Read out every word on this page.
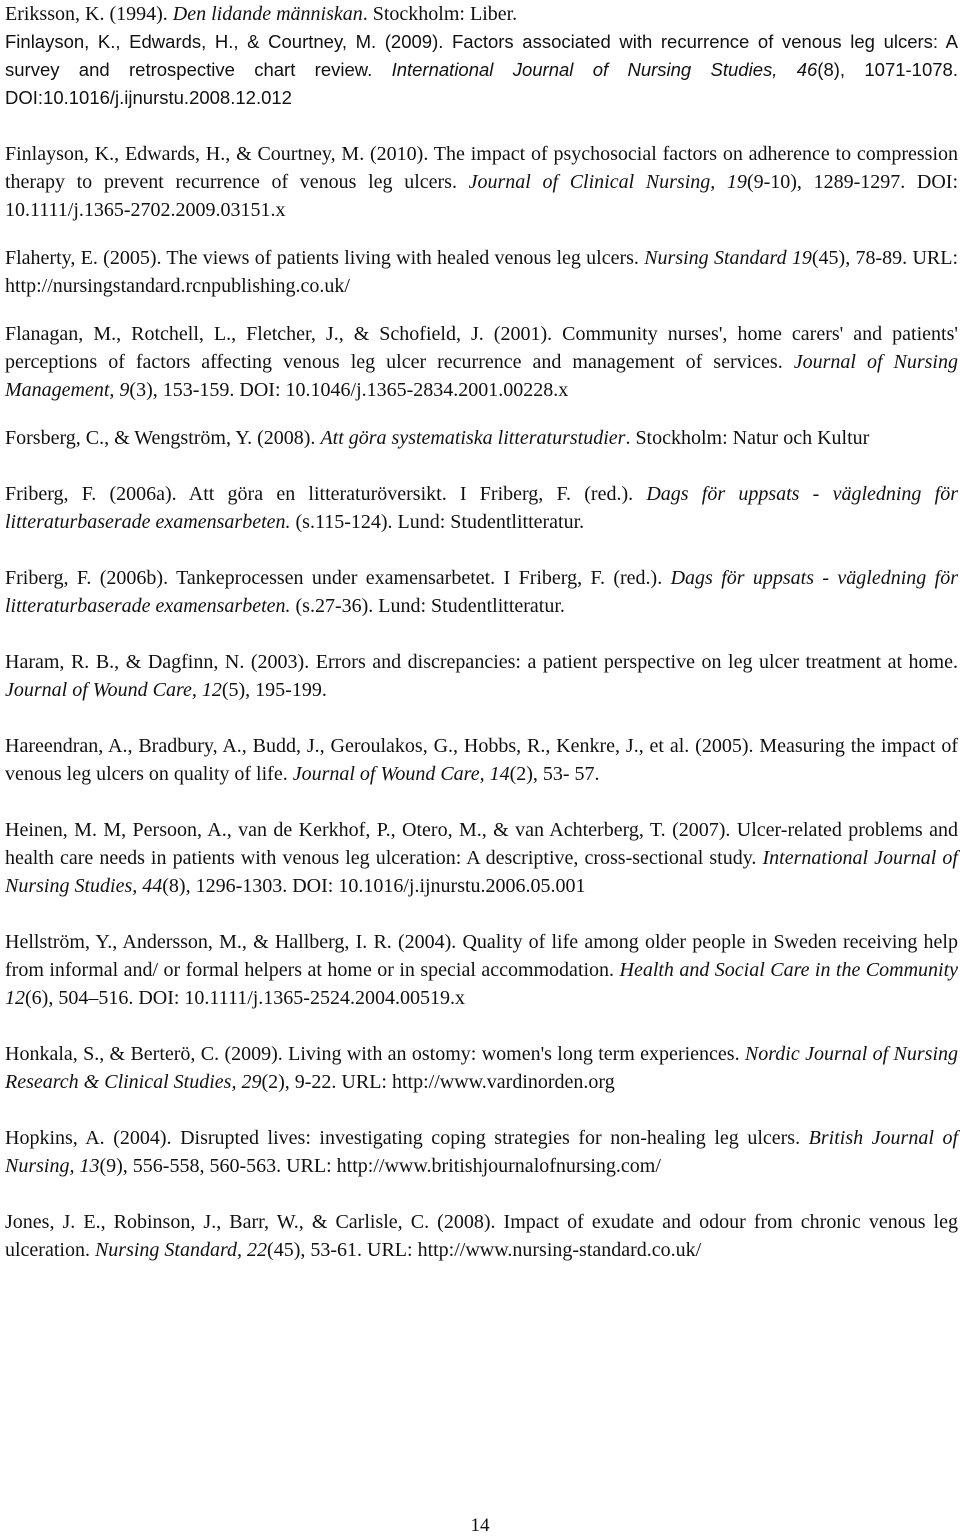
Eriksson, K. (1994). Den lidande människan. Stockholm: Liber.

Finlayson, K., Edwards, H., & Courtney, M. (2009). Factors associated with recurrence of venous leg ulcers: A survey and retrospective chart review. International Journal of Nursing Studies, 46(8), 1071-1078. DOI:10.1016/j.ijnurstu.2008.12.012

Finlayson, K., Edwards, H., & Courtney, M. (2010). The impact of psychosocial factors on adherence to compression therapy to prevent recurrence of venous leg ulcers. Journal of Clinical Nursing, 19(9-10), 1289-1297. DOI: 10.1111/j.1365-2702.2009.03151.x

Flaherty, E. (2005). The views of patients living with healed venous leg ulcers. Nursing Standard 19(45), 78-89. URL: http://nursingstandard.rcnpublishing.co.uk/

Flanagan, M., Rotchell, L., Fletcher, J., & Schofield, J. (2001). Community nurses', home carers' and patients' perceptions of factors affecting venous leg ulcer recurrence and management of services. Journal of Nursing Management, 9(3), 153-159. DOI: 10.1046/j.1365-2834.2001.00228.x

Forsberg, C., & Wengström, Y. (2008). Att göra systematiska litteraturstudier. Stockholm: Natur och Kultur

Friberg, F. (2006a). Att göra en litteraturöversikt. I Friberg, F. (red.). Dags för uppsats - vägledning för litteraturbaserade examensarbeten. (s.115-124). Lund: Studentlitteratur.

Friberg, F. (2006b). Tankeprocessen under examensarbetet. I Friberg, F. (red.). Dags för uppsats - vägledning för litteraturbaserade examensarbeten. (s.27-36). Lund: Studentlitteratur.

Haram, R. B., & Dagfinn, N. (2003). Errors and discrepancies: a patient perspective on leg ulcer treatment at home. Journal of Wound Care, 12(5), 195-199.

Hareendran, A., Bradbury, A., Budd, J., Geroulakos, G., Hobbs, R., Kenkre, J., et al. (2005). Measuring the impact of venous leg ulcers on quality of life. Journal of Wound Care, 14(2), 53- 57.

Heinen, M. M, Persoon, A., van de Kerkhof, P., Otero, M., & van Achterberg, T. (2007). Ulcer-related problems and health care needs in patients with venous leg ulceration: A descriptive, cross-sectional study. International Journal of Nursing Studies, 44(8), 1296-1303. DOI: 10.1016/j.ijnurstu.2006.05.001

Hellström, Y., Andersson, M., & Hallberg, I. R. (2004). Quality of life among older people in Sweden receiving help from informal and/ or formal helpers at home or in special accommodation. Health and Social Care in the Community 12(6), 504–516. DOI: 10.1111/j.1365-2524.2004.00519.x

Honkala, S., & Berterö, C. (2009). Living with an ostomy: women's long term experiences. Nordic Journal of Nursing Research & Clinical Studies, 29(2), 9-22. URL: http://www.vardinorden.org

Hopkins, A. (2004). Disrupted lives: investigating coping strategies for non-healing leg ulcers. British Journal of Nursing, 13(9), 556-558, 560-563. URL: http://www.britishjournalofnursing.com/

Jones, J. E., Robinson, J., Barr, W., & Carlisle, C. (2008). Impact of exudate and odour from chronic venous leg ulceration. Nursing Standard, 22(45), 53-61. URL: http://www.nursing-standard.co.uk/

14
